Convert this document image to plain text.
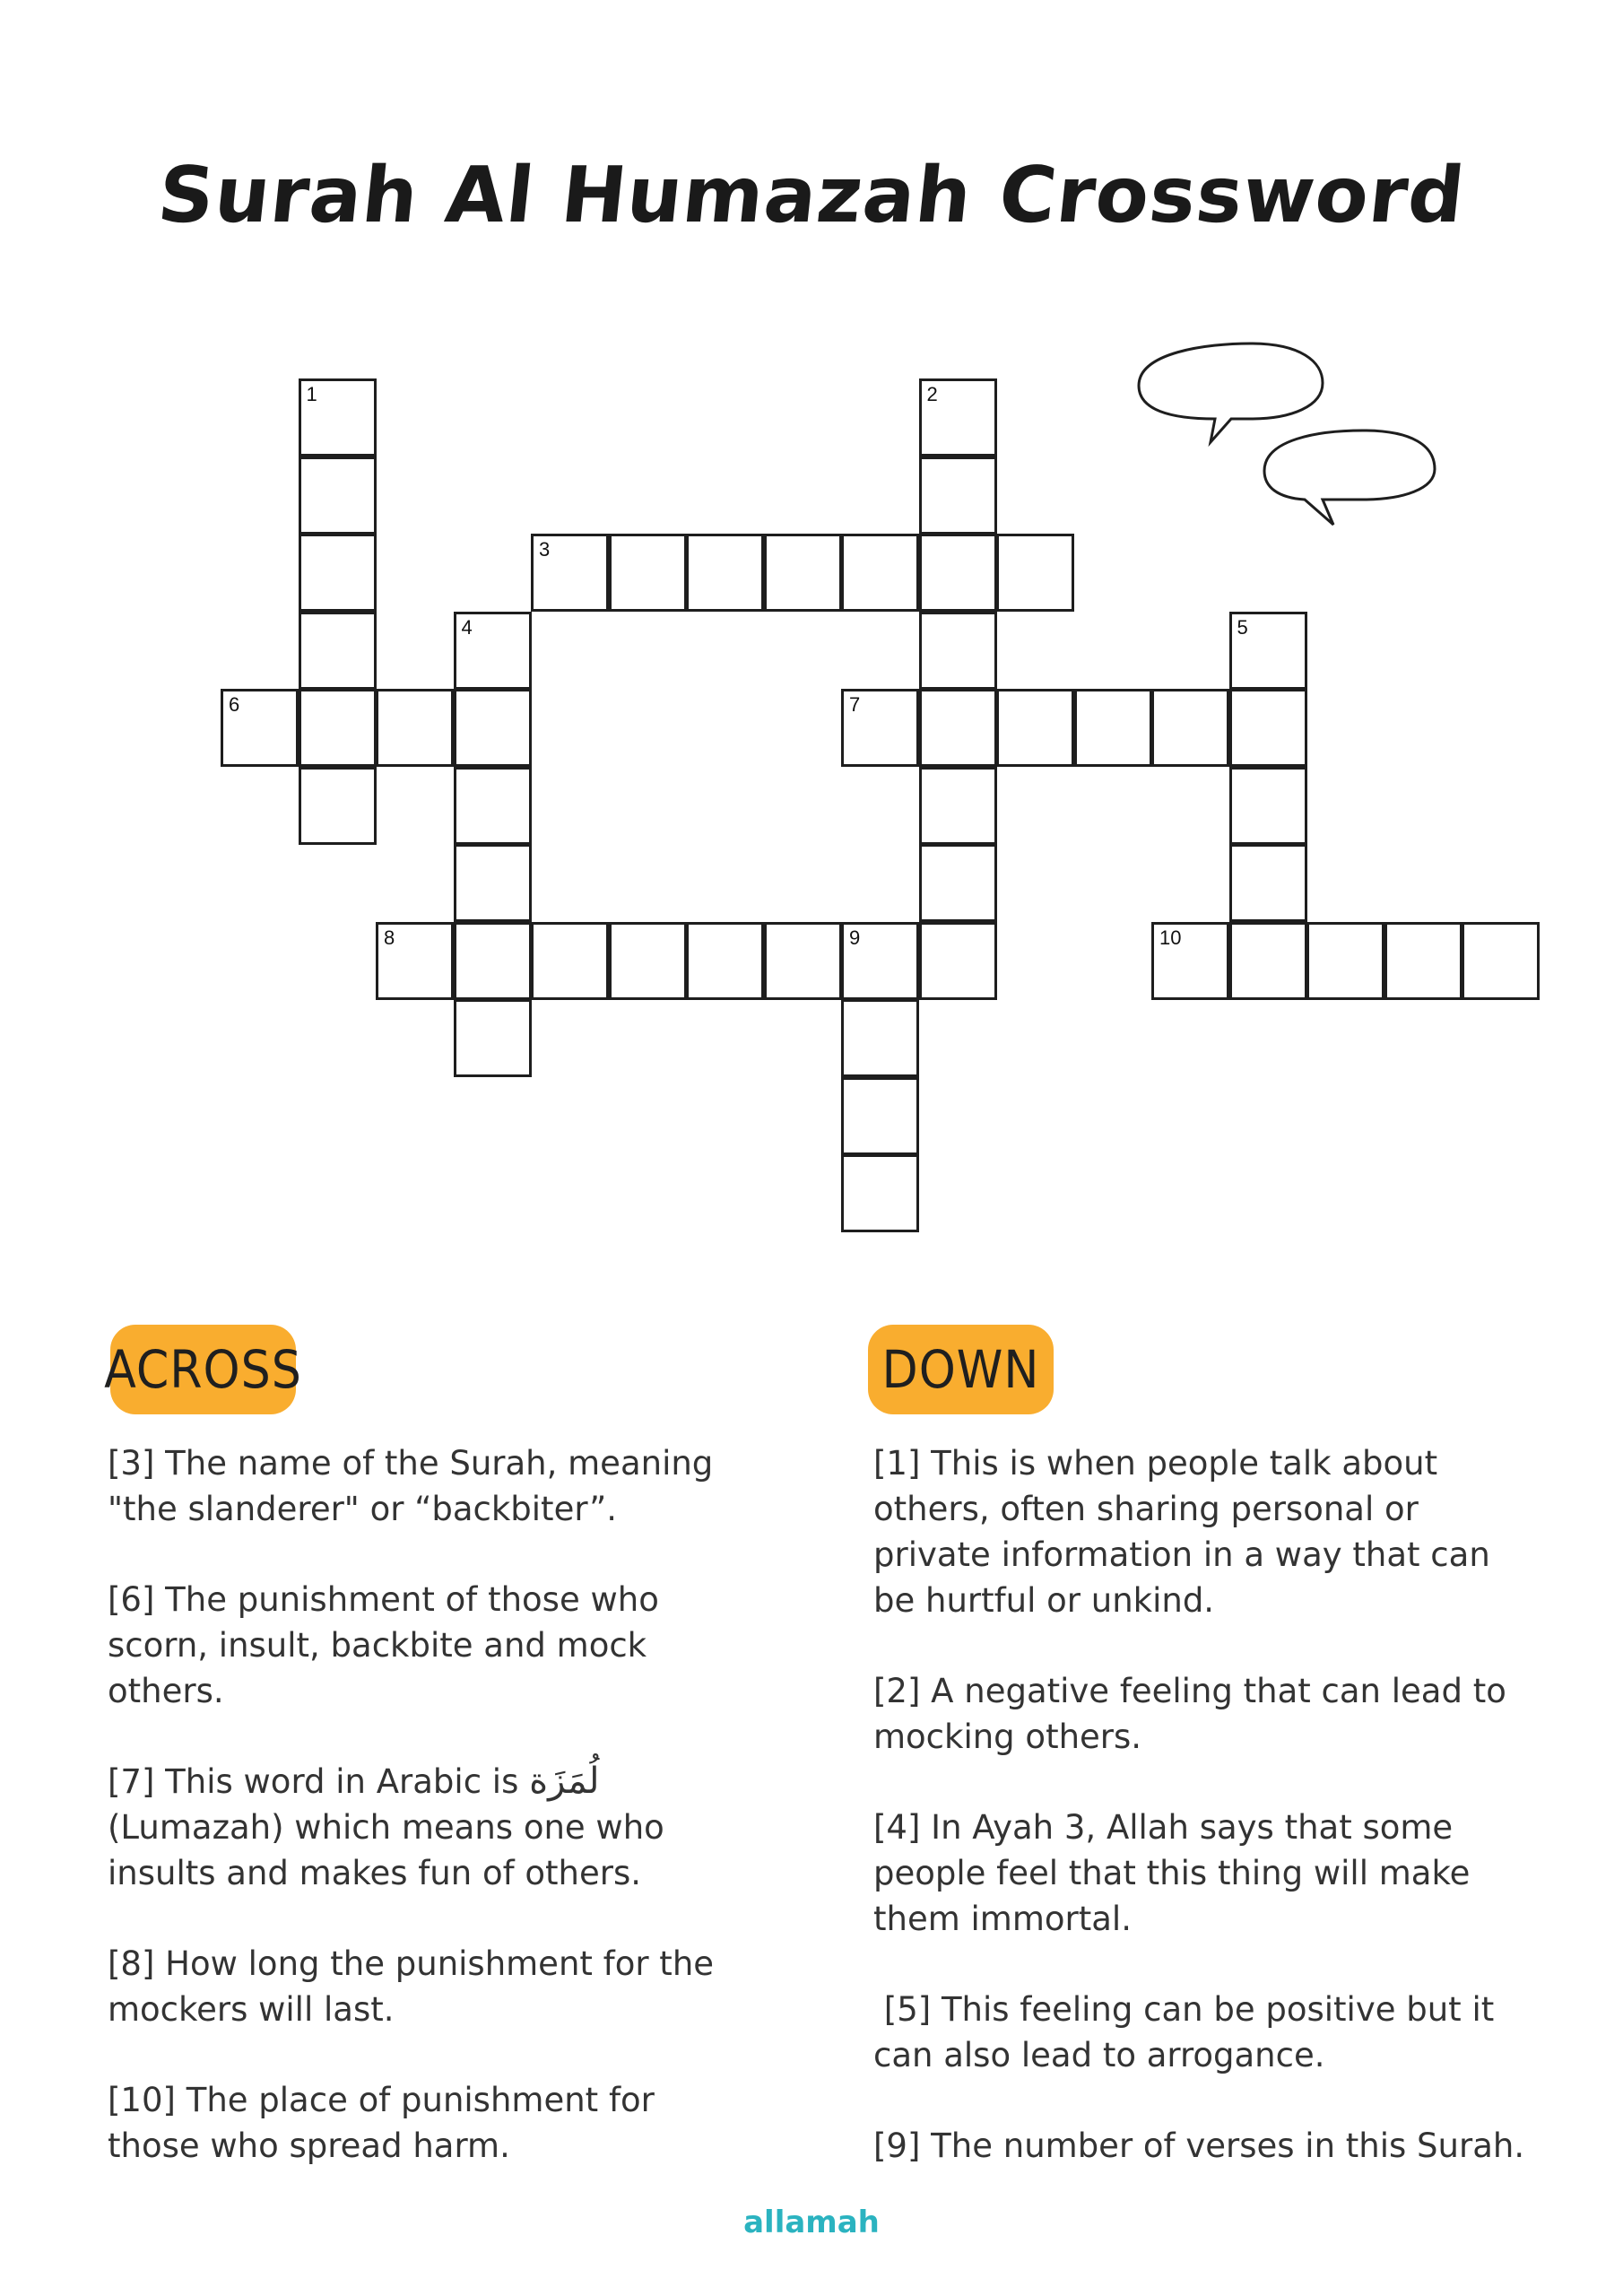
Surah Al Humazah Crossword
1	2
3
4	5
6	7
8	9	10
ACROSS	DOWN

[3] The name of the Surah, meaning "the slanderer" or “backbiter”.

[6] The punishment of those who scorn, insult, backbite and mock others.

[7] This word in Arabic is لُمَزَة
(Lumazah) which means one who insults and makes fun of others.

[8] How long the punishment for the mockers will last.

[10] The place of punishment for those who spread harm.

[1] This is when people talk about others, often sharing personal or private information in a way that can be hurtful or unkind.

[2] A negative feeling that can lead to mocking others.

[4] In Ayah 3, Allah says that some people feel that this thing will make them immortal.

[5] This feeling can be positive but it can also lead to arrogance.

[9] The number of verses in this Surah.

allamah
